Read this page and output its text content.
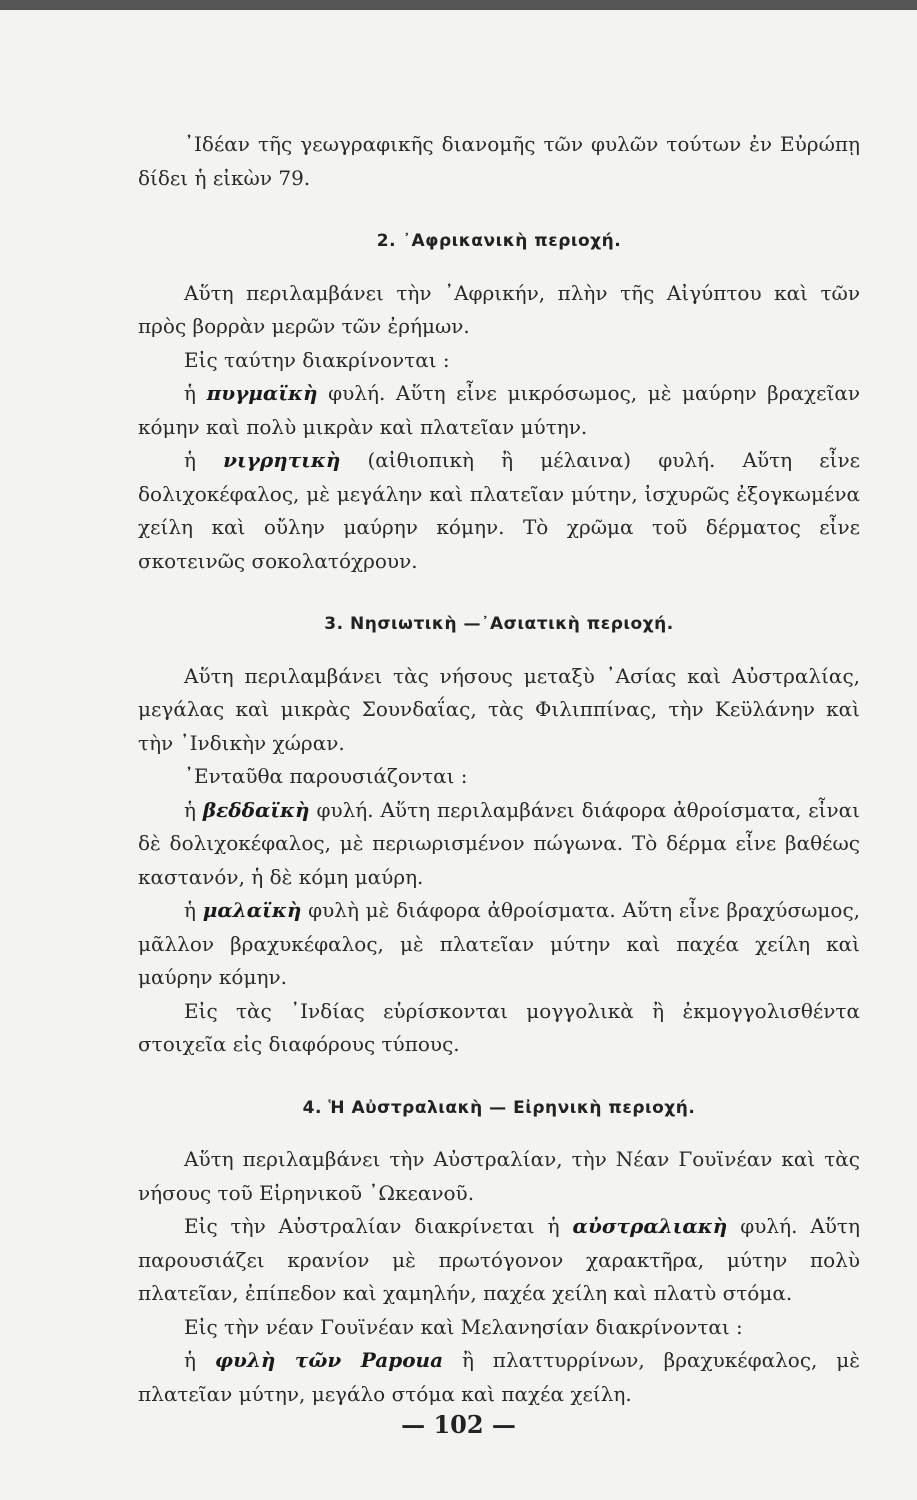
᾿Ιδέαν τῆς γεωγραφικῆς διανομῆς τῶν φυλῶν τούτων ἐν Εὐρώπῃ δίδει ἡ εἰκὼν 79.

2. ᾿Αφρικανικὴ περιοχή.

Αὕτη περιλαμβάνει τὴν ᾿Αφρικήν, πλὴν τῆς Αἰγύπτου καὶ τῶν πρὸς βορρὰν μερῶν τῶν ἐρήμων.

Εἰς ταύτην διακρίνονται :

ἡ πυγμαϊκὴ φυλή. Αὕτη εἶνε μικρόσωμος, μὲ μαύρην βραχεῖαν κόμην καὶ πολὺ μικρὰν καὶ πλατεῖαν μύτην.

ἡ νιγρητικὴ (αἰθιοπικὴ ἢ μέλαινα) φυλή. Αὕτη εἶνε δολιχοκέφαλος, μὲ μεγάλην καὶ πλατεῖαν μύτην, ἰσχυρῶς ἐξογκωμένα χείλη καὶ οὔλην μαύρην κόμην. Τὸ χρῶμα τοῦ δέρματος εἶνε σκοτεινῶς σοκολατόχρουν.

3. Νησιωτικὴ —᾿Ασιατικὴ περιοχή.

Αὕτη περιλαμβάνει τὰς νήσους μεταξὺ ᾿Ασίας καὶ Αὐστραλίας, μεγάλας καὶ μικρὰς Σουνδαΐας, τὰς Φιλιππίνας, τὴν Κεϋλάνην καὶ τὴν ᾿Ινδικὴν χώραν.

᾿Ενταῦθα παρουσιάζονται :

ἡ βεδδαϊκὴ φυλή. Αὕτη περιλαμβάνει διάφορα ἀθροίσματα, εἶναι δὲ δολιχοκέφαλος, μὲ περιωρισμένον πώγωνα. Τὸ δέρμα εἶνε βαθέως καστανόν, ἡ δὲ κόμη μαύρη.

ἡ μαλαϊκὴ φυλὴ μὲ διάφορα ἀθροίσματα. Αὕτη εἶνε βραχύσωμος, μᾶλλον βραχυκέφαλος, μὲ πλατεῖαν μύτην καὶ παχέα χείλη καὶ μαύρην κόμην.

Εἰς τὰς ᾿Ινδίας εὑρίσκονται μογγολικὰ ἢ ἐκμογγολισθέντα στοιχεῖα εἰς διαφόρους τύπους.

4. Ἡ Αὐστραλιακὴ — Εἰρηνικὴ περιοχή.

Αὕτη περιλαμβάνει τὴν Αὐστραλίαν, τὴν Νέαν Γουϊνέαν καὶ τὰς νήσους τοῦ Εἰρηνικοῦ ᾿Ωκεανοῦ.

Εἰς τὴν Αὐστραλίαν διακρίνεται ἡ αὐστραλιακὴ φυλή. Αὕτη παρουσιάζει κρανίον μὲ πρωτόγονον χαρακτῆρα, μύτην πολὺ πλατεῖαν, ἐπίπεδον καὶ χαμηλήν, παχέα χείλη καὶ πλατὺ στόμα.

Εἰς τὴν νέαν Γουϊνέαν καὶ Μελανησίαν διακρίνονται :

ἡ φυλὴ τῶν Papoua ἢ πλαττυρρίνων, βραχυκέφαλος, μὲ πλατεῖαν μύτην, μεγάλο στόμα καὶ παχέα χείλη.

— 102 —
